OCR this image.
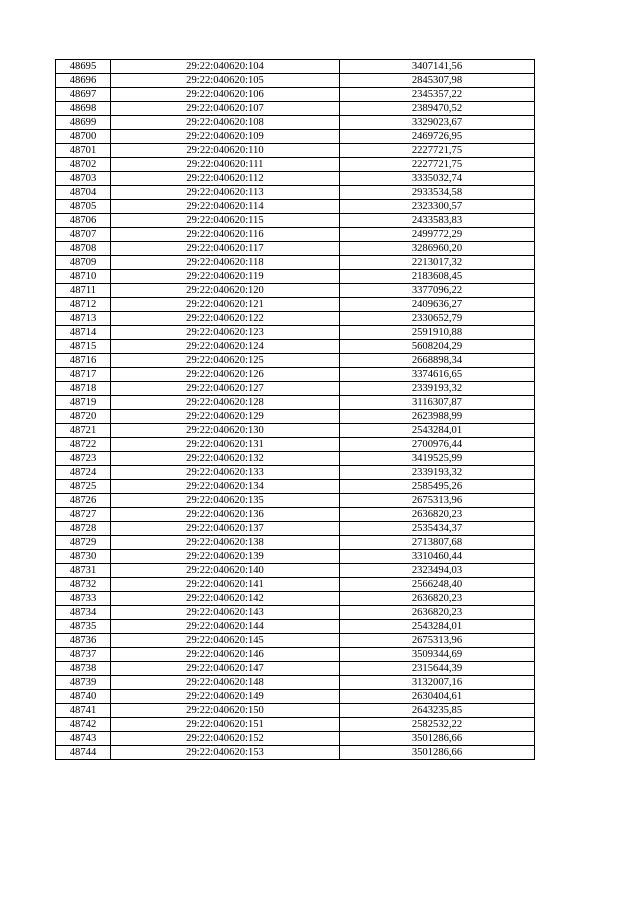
48695	29:22:040620:104	3407141,56
48696	29:22:040620:105	2845307,98
48697	29:22:040620:106	2345357,22
48698	29:22:040620:107	2389470,52
48699	29:22:040620:108	3329023,67
48700	29:22:040620:109	2469726,95
48701	29:22:040620:110	2227721,75
48702	29:22:040620:111	2227721,75
48703	29:22:040620:112	3335032,74
48704	29:22:040620:113	2933534,58
48705	29:22:040620:114	2323300,57
48706	29:22:040620:115	2433583,83
48707	29:22:040620:116	2499772,29
48708	29:22:040620:117	3286960,20
48709	29:22:040620:118	2213017,32
48710	29:22:040620:119	2183608,45
48711	29:22:040620:120	3377096,22
48712	29:22:040620:121	2409636,27
48713	29:22:040620:122	2330652,79
48714	29:22:040620:123	2591910,88
48715	29:22:040620:124	5608204,29
48716	29:22:040620:125	2668898,34
48717	29:22:040620:126	3374616,65
48718	29:22:040620:127	2339193,32
48719	29:22:040620:128	3116307,87
48720	29:22:040620:129	2623988,99
48721	29:22:040620:130	2543284,01
48722	29:22:040620:131	2700976,44
48723	29:22:040620:132	3419525,99
48724	29:22:040620:133	2339193,32
48725	29:22:040620:134	2585495,26
48726	29:22:040620:135	2675313,96
48727	29:22:040620:136	2636820,23
48728	29:22:040620:137	2535434,37
48729	29:22:040620:138	2713807,68
48730	29:22:040620:139	3310460,44
48731	29:22:040620:140	2323494,03
48732	29:22:040620:141	2566248,40
48733	29:22:040620:142	2636820,23
48734	29:22:040620:143	2636820,23
48735	29:22:040620:144	2543284,01
48736	29:22:040620:145	2675313,96
48737	29:22:040620:146	3509344,69
48738	29:22:040620:147	2315644,39
48739	29:22:040620:148	3132007,16
48740	29:22:040620:149	2630404,61
48741	29:22:040620:150	2643235,85
48742	29:22:040620:151	2582532,22
48743	29:22:040620:152	3501286,66
48744	29:22:040620:153	3501286,66
